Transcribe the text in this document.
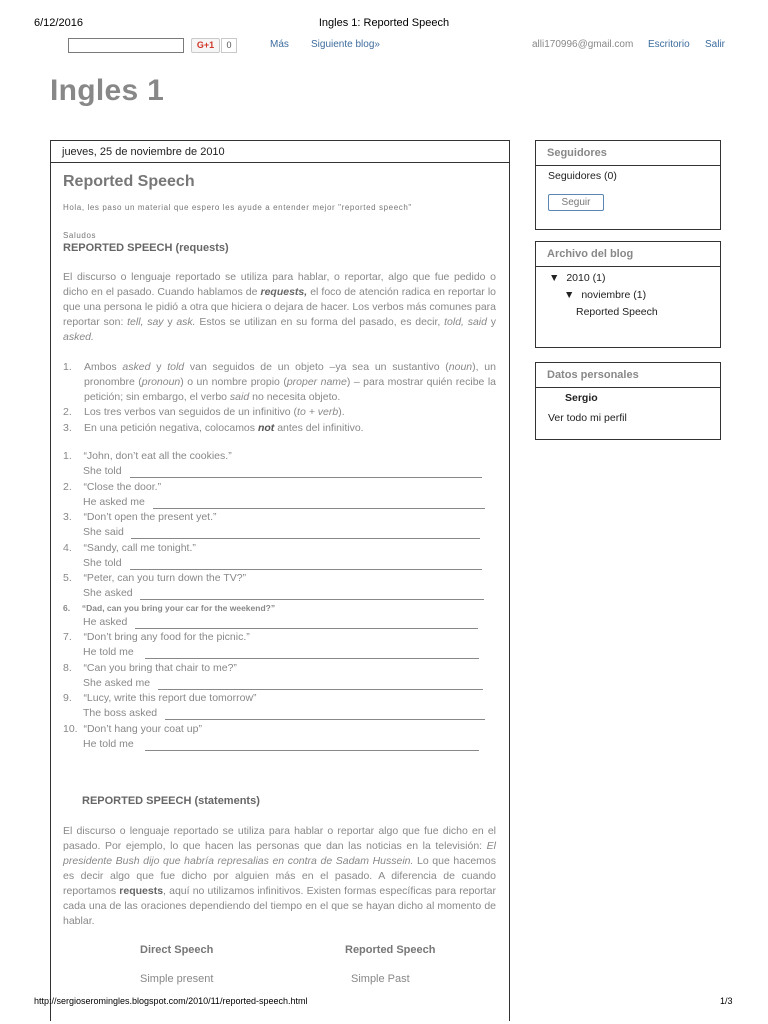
6/12/2016	Ingles 1: Reported Speech
G+1	0	Más Siguiente blog»	alli170996@gmail.com Escritorio Salir
Ingles 1
jueves, 25 de noviembre de 2010
Reported Speech
Hola, les paso un material que espero les ayude a entender mejor "reported speech"
Saludos
REPORTED SPEECH (requests)
El discurso o lenguaje reportado se utiliza para hablar, o reportar, algo que fue pedido o dicho en el pasado. Cuando hablamos de requests, el foco de atención radica en reportar lo que una persona le pidió a otra que hiciera o dejara de hacer. Los verbos más comunes para reportar son: tell, say y ask. Estos se utilizan en su forma del pasado, es decir, told, said y asked.
1. Ambos asked y told van seguidos de un objeto –ya sea un sustantivo (noun), un pronombre (pronoun) o un nombre propio (proper name) – para mostrar quién recibe la petición; sin embargo, el verbo said no necesita objeto.
2. Los tres verbos van seguidos de un infinitivo (to + verb).
3. En una petición negativa, colocamos not antes del infinitivo.
1. “John, don’t eat all the cookies.”
She told
2. “Close the door.”
He asked me
3. “Don’t open the present yet.”
She said
4. “Sandy, call me tonight.”
She told
5. “Peter, can you turn down the TV?”
She asked
6. “Dad, can you bring your car for the weekend?”
He asked
7. “Don’t bring any food for the picnic.”
He told me
8. “Can you bring that chair to me?”
She asked me
9. “Lucy, write this report due tomorrow”
The boss asked
10. “Don’t hang your coat up”
He told me
REPORTED SPEECH (statements)
El discurso o lenguaje reportado se utiliza para hablar o reportar algo que fue dicho en el pasado. Por ejemplo, lo que hacen las personas que dan las noticias en la televisión: El presidente Bush dijo que habría represalias en contra de Sadam Hussein. Lo que hacemos es decir algo que fue dicho por alguien más en el pasado. A diferencia de cuando reportamos requests, aquí no utilizamos infinitivos. Existen formas específicas para reportar cada una de las oraciones dependiendo del tiempo en el que se hayan dicho al momento de hablar.
Direct Speech	Reported Speech
Simple present	Simple Past
Seguidores
Seguidores (0)
Seguir
Archivo del blog
▼ 2010 (1)
▼ noviembre (1)
Reported Speech
Datos personales
Sergio
Ver todo mi perfil
http://sergioseromingles.blogspot.com/2010/11/reported-speech.html	1/3
